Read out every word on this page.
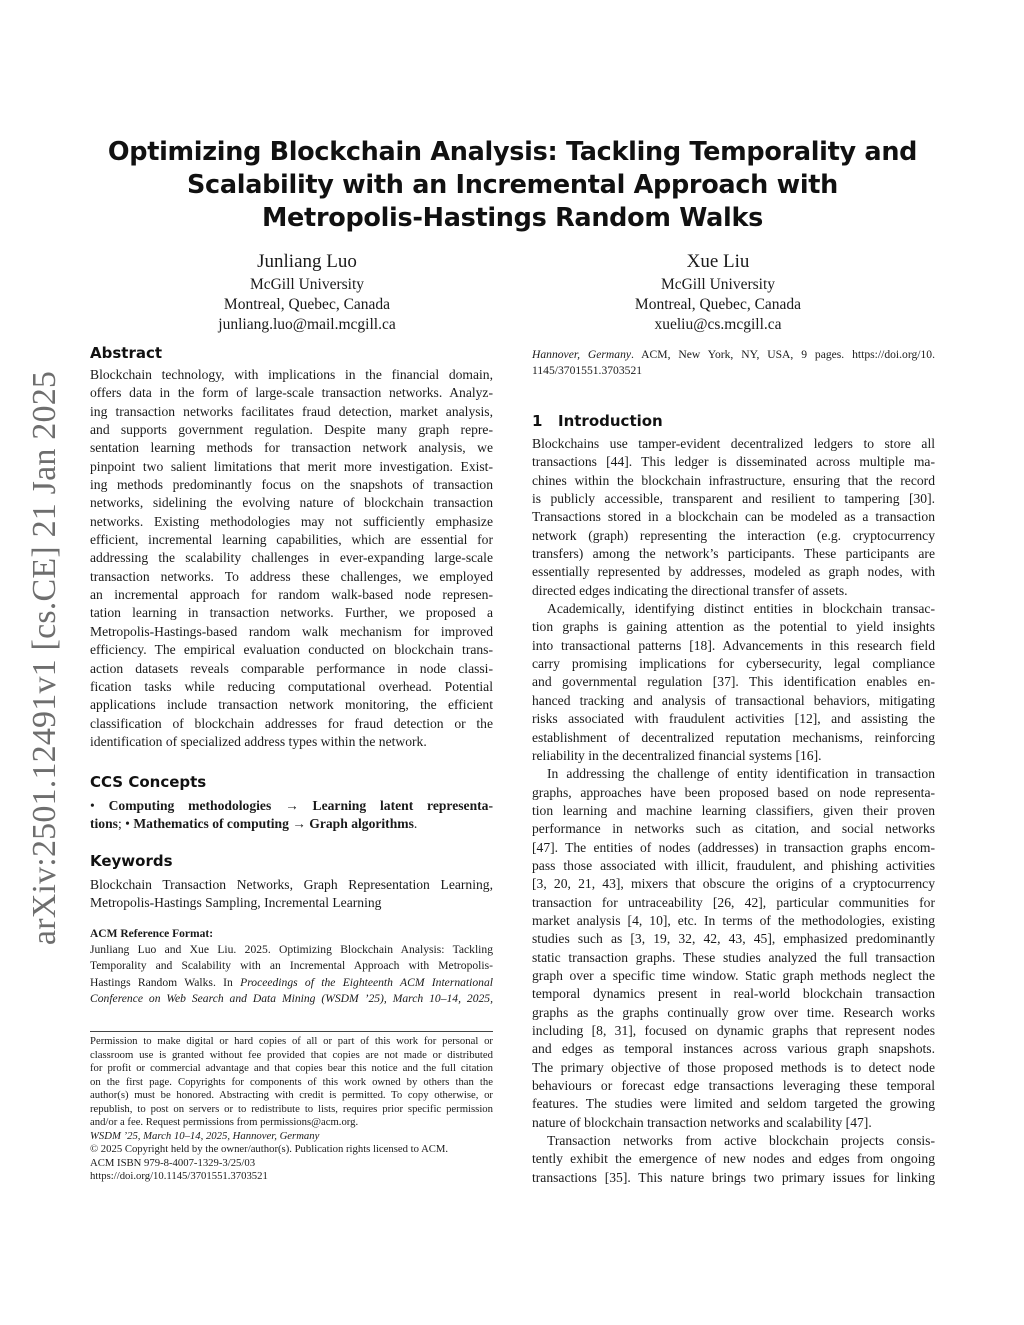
arXiv:2501.12491v1 [cs.CE] 21 Jan 2025
Optimizing Blockchain Analysis: Tackling Temporality and
Scalability with an Incremental Approach with
Metropolis-Hastings Random Walks
Junliang Luo
McGill University
Montreal, Quebec, Canada
junliang.luo@mail.mcgill.ca
Xue Liu
McGill University
Montreal, Quebec, Canada
xueliu@cs.mcgill.ca
Abstract
Blockchain technology, with implications in the financial domain,
offers data in the form of large-scale transaction networks. Analyz-
ing transaction networks facilitates fraud detection, market analysis,
and supports government regulation. Despite many graph repre-
sentation learning methods for transaction network analysis, we
pinpoint two salient limitations that merit more investigation. Exist-
ing methods predominantly focus on the snapshots of transaction
networks, sidelining the evolving nature of blockchain transaction
networks. Existing methodologies may not sufficiently emphasize
efficient, incremental learning capabilities, which are essential for
addressing the scalability challenges in ever-expanding large-scale
transaction networks. To address these challenges, we employed
an incremental approach for random walk-based node represen-
tation learning in transaction networks. Further, we proposed a
Metropolis-Hastings-based random walk mechanism for improved
efficiency. The empirical evaluation conducted on blockchain trans-
action datasets reveals comparable performance in node classi-
fication tasks while reducing computational overhead. Potential
applications include transaction network monitoring, the efficient
classification of blockchain addresses for fraud detection or the
identification of specialized address types within the network.
CCS Concepts
• Computing methodologies → Learning latent representa-
tions; • Mathematics of computing → Graph algorithms.
Keywords
Blockchain Transaction Networks, Graph Representation Learning,
Metropolis-Hastings Sampling, Incremental Learning
ACM Reference Format:
Junliang Luo and Xue Liu. 2025. Optimizing Blockchain Analysis: Tackling
Temporality and Scalability with an Incremental Approach with Metropolis-
Hastings Random Walks. In Proceedings of the Eighteenth ACM International
Conference on Web Search and Data Mining (WSDM ’25), March 10–14, 2025,
Permission to make digital or hard copies of all or part of this work for personal or
classroom use is granted without fee provided that copies are not made or distributed
for profit or commercial advantage and that copies bear this notice and the full citation
on the first page. Copyrights for components of this work owned by others than the
author(s) must be honored. Abstracting with credit is permitted. To copy otherwise, or
republish, to post on servers or to redistribute to lists, requires prior specific permission
and/or a fee. Request permissions from permissions@acm.org.
WSDM ’25, March 10–14, 2025, Hannover, Germany
© 2025 Copyright held by the owner/author(s). Publication rights licensed to ACM.
ACM ISBN 979-8-4007-1329-3/25/03
https://doi.org/10.1145/3701551.3703521
Hannover, Germany. ACM, New York, NY, USA, 9 pages. https://doi.org/10.
1145/3701551.3703521
1 Introduction
Blockchains use tamper-evident decentralized ledgers to store all
transactions [44]. This ledger is disseminated across multiple ma-
chines within the blockchain infrastructure, ensuring that the record
is publicly accessible, transparent and resilient to tampering [30].
Transactions stored in a blockchain can be modeled as a transaction
network (graph) representing the interaction (e.g. cryptocurrency
transfers) among the network’s participants. These participants are
essentially represented by addresses, modeled as graph nodes, with
directed edges indicating the directional transfer of assets.
Academically, identifying distinct entities in blockchain transac-
tion graphs is gaining attention as the potential to yield insights
into transactional patterns [18]. Advancements in this research field
carry promising implications for cybersecurity, legal compliance
and governmental regulation [37]. This identification enables en-
hanced tracking and analysis of transactional behaviors, mitigating
risks associated with fraudulent activities [12], and assisting the
establishment of decentralized reputation mechanisms, reinforcing
reliability in the decentralized financial systems [16].
In addressing the challenge of entity identification in transaction
graphs, approaches have been proposed based on node representa-
tion learning and machine learning classifiers, given their proven
performance in networks such as citation, and social networks
[47]. The entities of nodes (addresses) in transaction graphs encom-
pass those associated with illicit, fraudulent, and phishing activities
[3, 20, 21, 43], mixers that obscure the origins of a cryptocurrency
transaction for untraceability [26, 42], particular communities for
market analysis [4, 10], etc. In terms of the methodologies, existing
studies such as [3, 19, 32, 42, 43, 45], emphasized predominantly
static transaction graphs. These studies analyzed the full transaction
graph over a specific time window. Static graph methods neglect the
temporal dynamics present in real-world blockchain transaction
graphs as the graphs continually grow over time. Research works
including [8, 31], focused on dynamic graphs that represent nodes
and edges as temporal instances across various graph snapshots.
The primary objective of those proposed methods is to detect node
behaviours or forecast edge transactions leveraging these temporal
features. The studies were limited and seldom targeted the growing
nature of blockchain transaction networks and scalability [47].
Transaction networks from active blockchain projects consis-
tently exhibit the emergence of new nodes and edges from ongoing
transactions [35]. This nature brings two primary issues for linking
